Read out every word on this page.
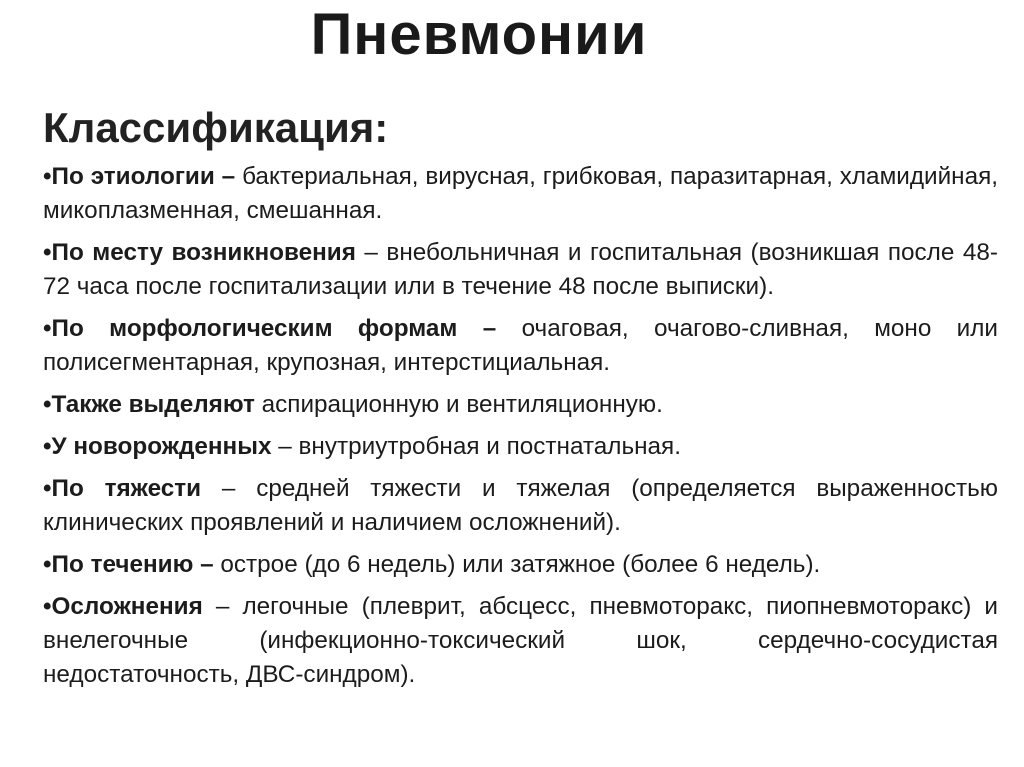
Пневмонии
Классификация:
•По этиологии – бактериальная, вирусная, грибковая, паразитарная, хламидийная, микоплазменная, смешанная.
•По месту возникновения – внебольничная и госпитальная (возникшая после 48-72 часа после госпитализации или в течение 48 после выписки).
•По морфологическим формам – очаговая, очагово-сливная, моно или полисегментарная, крупозная, интерстициальная.
•Также выделяют аспирационную и вентиляционную.
•У новорожденных – внутриутробная и постнатальная.
•По тяжести – средней тяжести и тяжелая (определяется выраженностью клинических проявлений и наличием осложнений).
•По течению – острое (до 6 недель) или затяжное (более 6 недель).
•Осложнения – легочные (плеврит, абсцесс, пневмоторакс, пиопневмоторакс) и внелегочные (инфекционно-токсический шок, сердечно-сосудистая недостаточность, ДВС-синдром).
